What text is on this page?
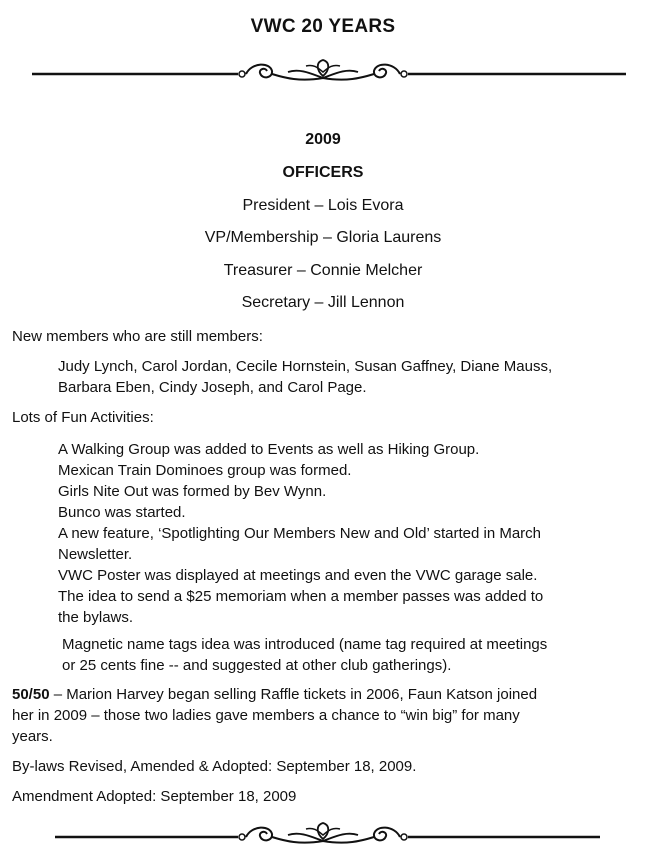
VWC 20 YEARS
2009
OFFICERS
President – Lois Evora
VP/Membership – Gloria Laurens
Treasurer – Connie Melcher
Secretary – Jill Lennon
New members who are still members:

Judy Lynch, Carol Jordan, Cecile Hornstein, Susan Gaffney, Diane Mauss,

Barbara Eben, Cindy Joseph, and Carol Page.

Lots of Fun Activities:

A Walking Group was added to Events as well as Hiking Group.

Mexican Train Dominoes group was formed.

Girls Nite Out was formed by Bev Wynn.

Bunco was started.

A new feature, ‘Spotlighting Our Members New and Old’ started in March

Newsletter.

VWC Poster was displayed at meetings and even the VWC garage sale.

The idea to send a $25 memoriam when a member passes was added to

the bylaws.

Magnetic name tags idea was introduced (name tag required at meetings

or 25 cents fine -- and suggested at other club gatherings).

50/50 – Marion Harvey began selling Raffle tickets in 2006, Faun Katson joined

her in 2009 – those two ladies gave members a chance to “win big” for many

years.

By-laws Revised, Amended & Adopted: September 18, 2009.
Amendment Adopted: September 18, 2009
